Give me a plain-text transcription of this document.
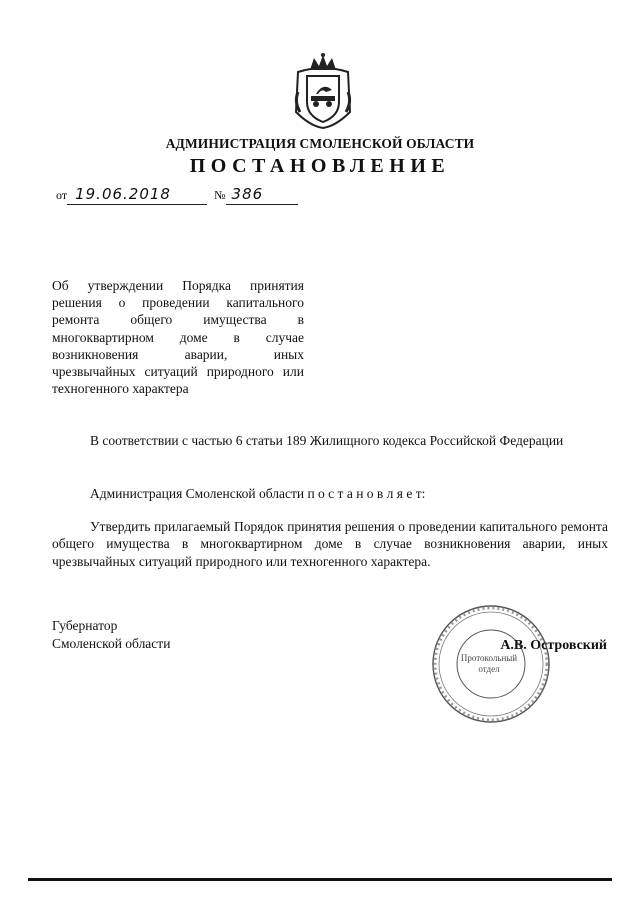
АДМИНИСТРАЦИЯ СМОЛЕНСКОЙ ОБЛАСТИ
ПОСТАНОВЛЕНИЕ
от 19.06.2018	№ 386
Об утверждении Порядка принятия решения о проведении капитального ремонта общего имущества в многоквартирном доме в случае возникновения аварии, иных чрезвычайных ситуаций природного или техногенного характера
В соответствии с частью 6 статьи 189 Жилищного кодекса Российской Федерации
Администрация Смоленской области п о с т а н о в л я е т:
Утвердить прилагаемый Порядок принятия решения о проведении капитального ремонта общего имущества в многоквартирном доме в случае возникновения аварии, иных чрезвычайных ситуаций природного или техногенного характера.
Губернатор
Смоленской области
Протокольный отдел
А.В. Островский
